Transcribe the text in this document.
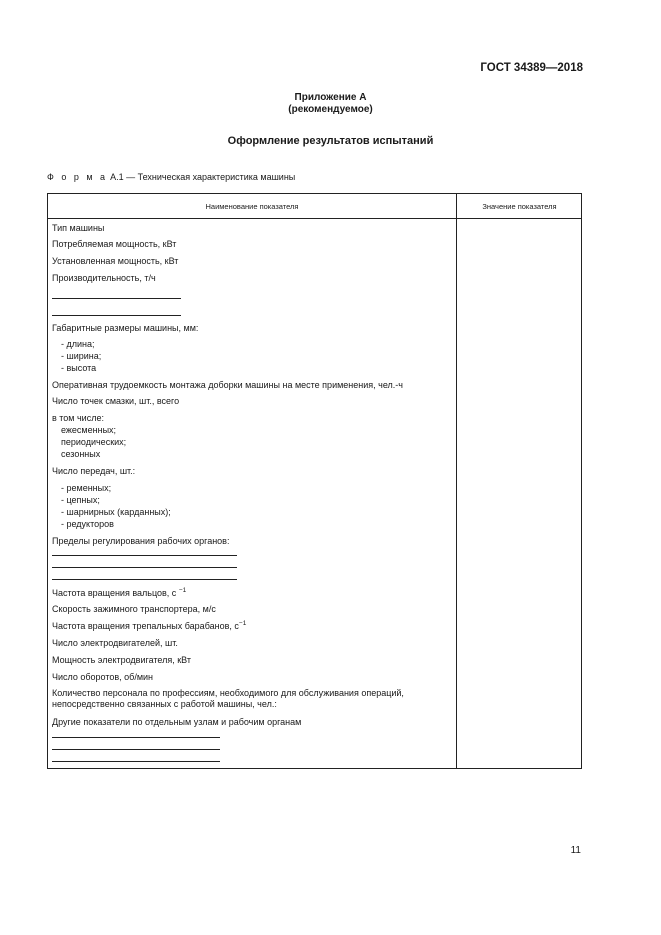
ГОСТ 34389—2018
Приложение А
(рекомендуемое)
Оформление результатов испытаний
Ф о р м а А.1 — Техническая характеристика машины
Наименование показателя	Значение показателя
Тип машины
Потребляемая мощность, кВт
Установленная мощность, кВт
Производительность, т/ч
Габаритные размеры машины, мм:
- длина;
- ширина;
- высота
Оперативная трудоемкость монтажа доборки машины на месте применения, чел.-ч
Число точек смазки, шт., всего
в том числе:
ежесменных;
периодических;
сезонных
Число передач, шт.:
- ременных;
- цепных;
- шарнирных (карданных);
- редукторов
Пределы регулирования рабочих органов:
Частота вращения вальцов, с $^{-1}$
Скорость зажимного транспортера, м/с
Частота вращения трепальных барабанов, $с^{-1}$
Число электродвигателей, шт.
Мощность электродвигателя, кВт
Число оборотов, об/мин
Количество персонала по профессиям, необходимого для обслуживания операций,
непосредственно связанных с работой машины, чел.:
Другие показатели по отдельным узлам и рабочим органам
11
